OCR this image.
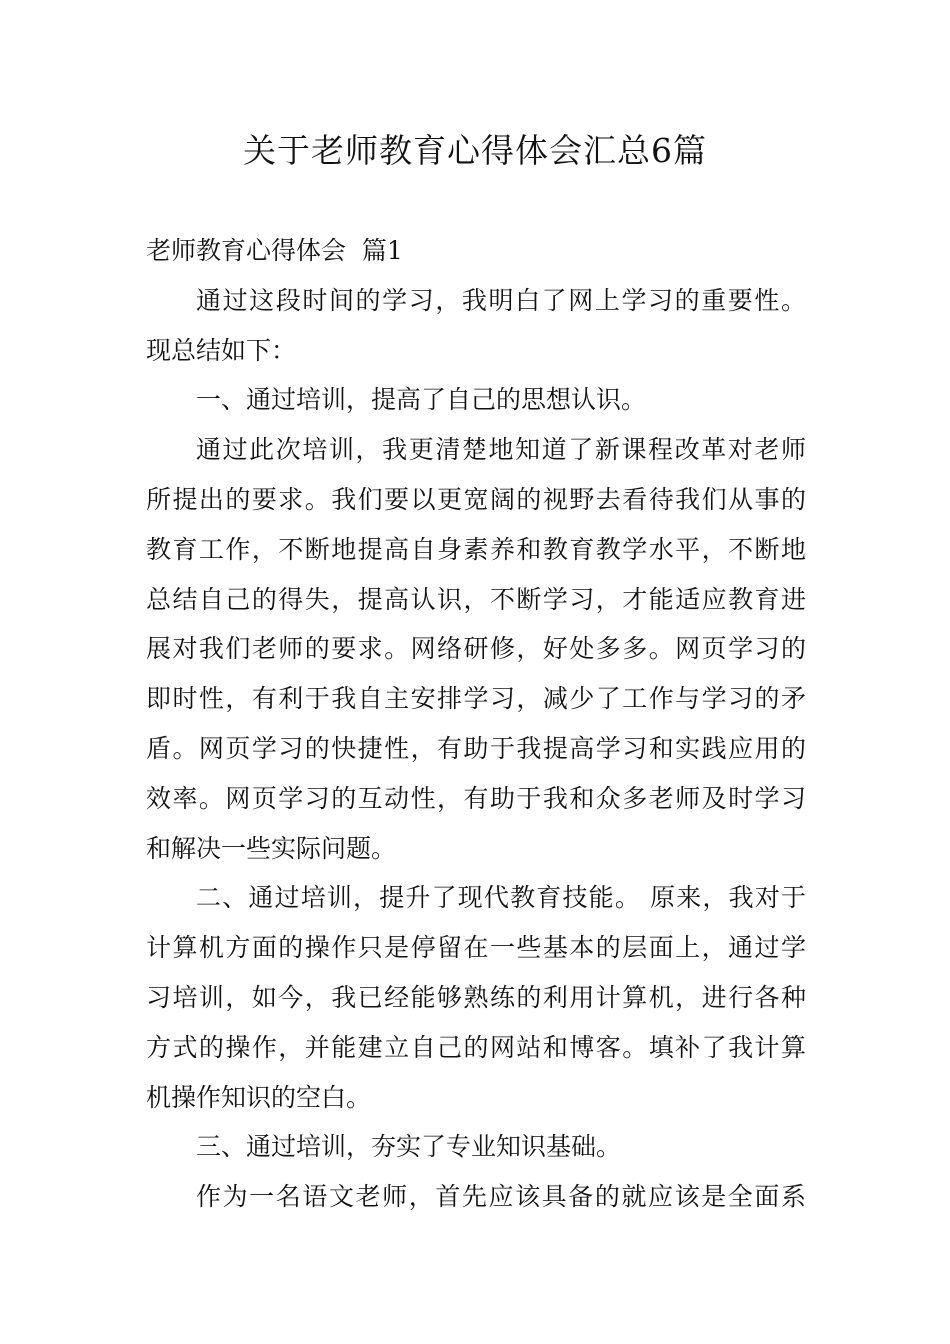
关于老师教育心得体会汇总6篇
老师教育心得体会  篇1
通过这段时间的学习，我明白了网上学习的重要性。
现总结如下：
一、通过培训，提高了自己的思想认识。
通过此次培训，我更清楚地知道了新课程改革对老师
所提出的要求。我们要以更宽阔的视野去看待我们从事的
教育工作，不断地提高自身素养和教育教学水平，不断地
总结自己的得失，提高认识，不断学习，才能适应教育进
展对我们老师的要求。网络研修，好处多多。网页学习的
即时性，有利于我自主安排学习，减少了工作与学习的矛
盾。网页学习的快捷性，有助于我提高学习和实践应用的
效率。网页学习的互动性，有助于我和众多老师及时学习
和解决一些实际问题。
二、通过培训，提升了现代教育技能。 原来，我对于
计算机方面的操作只是停留在一些基本的层面上，通过学
习培训，如今，我已经能够熟练的利用计算机，进行各种
方式的操作，并能建立自己的网站和博客。填补了我计算
机操作知识的空白。
三、通过培训，夯实了专业知识基础。
作为一名语文老师，首先应该具备的就应该是全面系
